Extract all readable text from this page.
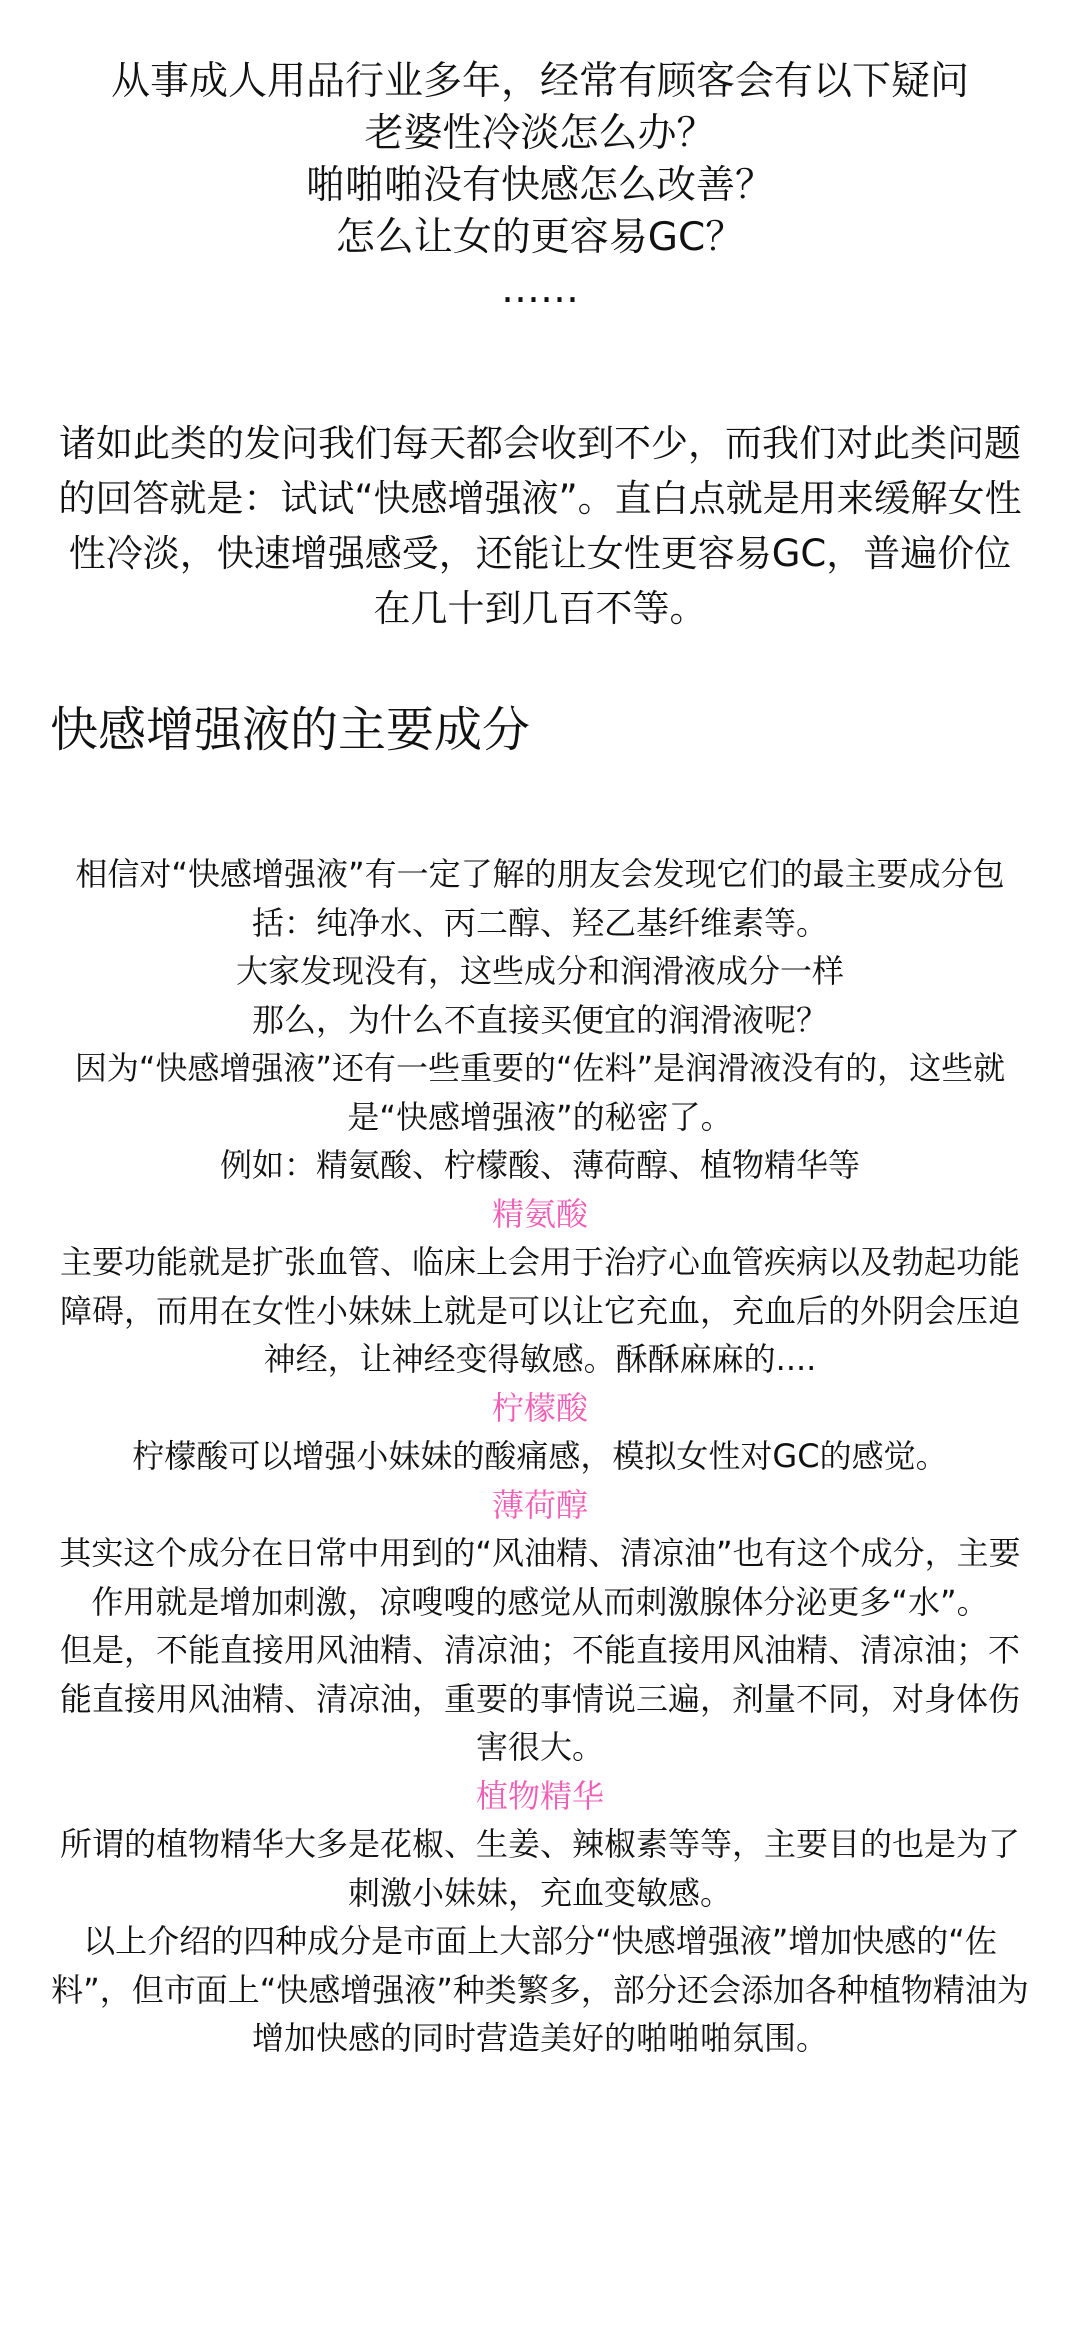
从事成人用品行业多年，经常有顾客会有以下疑问
老婆性冷淡怎么办？
啪啪啪没有快感怎么改善？
怎么让女的更容易GC？
……
诸如此类的发问我们每天都会收到不少，而我们对此类问题的回答就是：试试“快感增强液”。直白点就是用来缓解女性性冷淡，快速增强感受，还能让女性更容易GC，普遍价位在几十到几百不等。
快感增强液的主要成分

相信对“快感增强液”有一定了解的朋友会发现它们的最主要成分包括：纯净水、丙二醇、羟乙基纤维素等。

大家发现没有，这些成分和润滑液成分一样

那么，为什么不直接买便宜的润滑液呢？

因为“快感增强液”还有一些重要的“佐料”是润滑液没有的，这些就是“快感增强液”的秘密了。

例如：精氨酸、柠檬酸、薄荷醇、植物精华等

精氨酸

主要功能就是扩张血管、临床上会用于治疗心血管疾病以及勃起功能障碍，而用在女性小妹妹上就是可以让它充血，充血后的外阴会压迫神经，让神经变得敏感。酥酥麻麻的....

柠檬酸

柠檬酸可以增强小妹妹的酸痛感，模拟女性对GC的感觉。

薄荷醇

其实这个成分在日常中用到的“风油精、清凉油”也有这个成分，主要作用就是增加刺激，凉嗖嗖的感觉从而刺激腺体分泌更多“水”。

但是，不能直接用风油精、清凉油；不能直接用风油精、清凉油；不能直接用风油精、清凉油，重要的事情说三遍，剂量不同，对身体伤害很大。

植物精华

所谓的植物精华大多是花椒、生姜、辣椒素等等，主要目的也是为了刺激小妹妹，充血变敏感。

以上介绍的四种成分是市面上大部分“快感增强液”增加快感的“佐料”，但市面上“快感增强液”种类繁多，部分还会添加各种植物精油为增加快感的同时营造美好的啪啪啪氛围。
